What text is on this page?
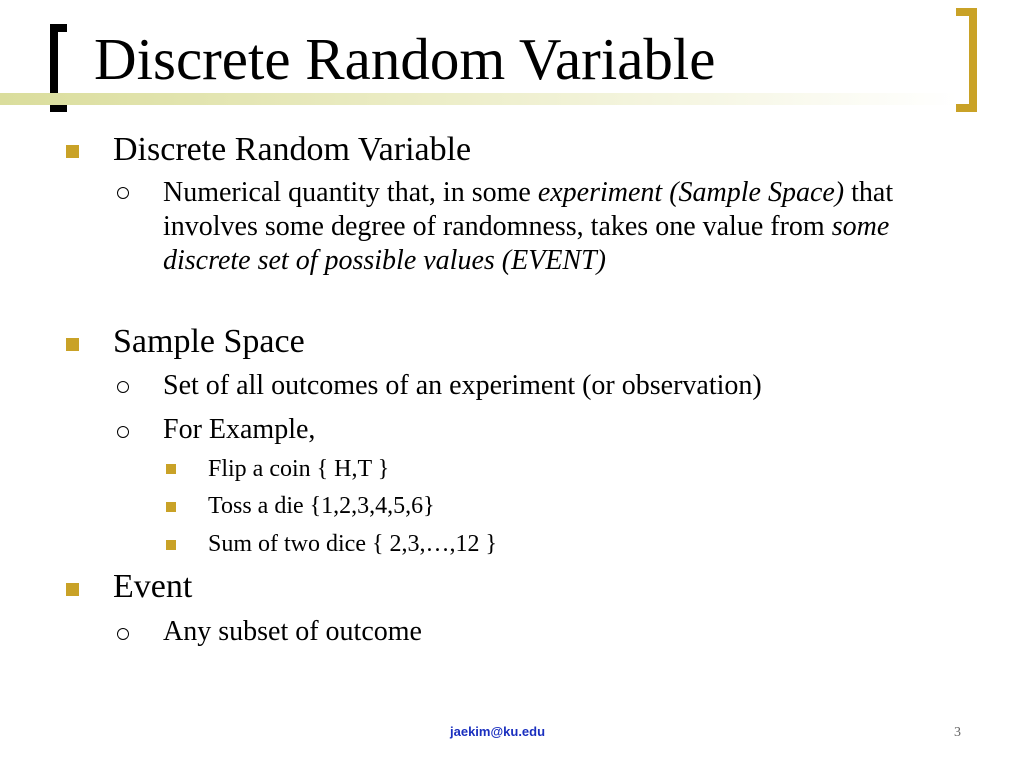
Discrete Random Variable
Discrete Random Variable
Numerical quantity that, in some experiment (Sample Space) that involves some degree of randomness, takes one value from some discrete set of possible values (EVENT)
Sample Space
Set of all outcomes of an experiment (or observation)
For Example,
Flip a coin { H,T }
Toss a die {1,2,3,4,5,6}
Sum of two dice { 2,3,…,12 }
Event
Any subset of outcome
jaekim@ku.edu	3
